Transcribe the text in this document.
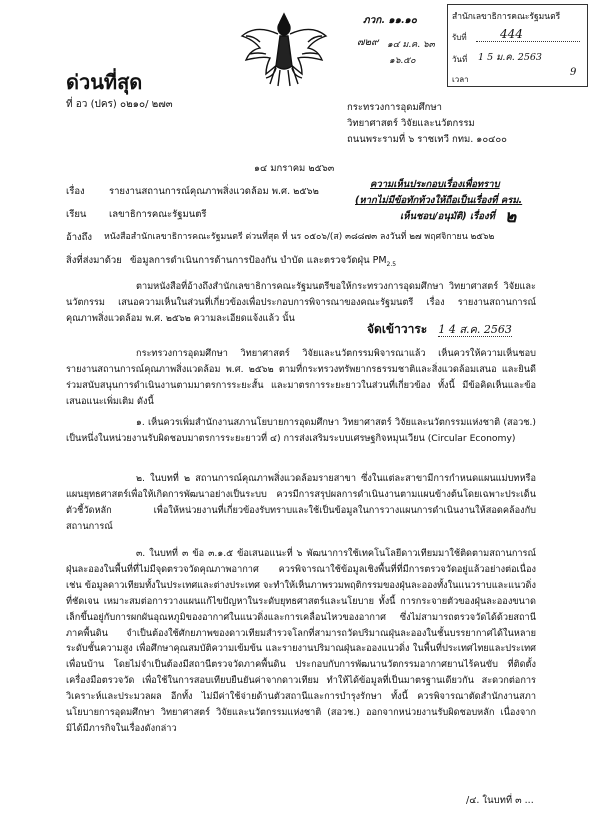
ภวก. ๑๑.๑๐
๗๒๙ ๑๔ ม.ค. ๖๓
๑๖.๕๐
สำนักเลขาธิการคณะรัฐมนตรี
รับที่	444
วันที่ 1 5 ม.ค. 2563
เวลา
9
ด่วนที่สุด
ที่ อว (ปคร) ๐๒๑๐/ ๒๗๓	กระทรวงการอุดมศึกษา
วิทยาศาสตร์ วิจัยและนวัตกรรม
ถนนพระรามที่ ๖ ราชเทวี กทม. ๑๐๔๐๐
๑๔ มกราคม ๒๕๖๓
ความเห็นประกอบเรื่องเพื่อทราบ
(หากไม่มีข้อทักท้วงให้ถือเป็นเรื่องที่ ครม.
เห็นชอบ/อนุมัติ) เรื่องที่ ๒
เรื่อง	รายงานสถานการณ์คุณภาพสิ่งแวดล้อม พ.ศ. ๒๕๖๒
เรียน เลขาธิการคณะรัฐมนตรี
อ้างถึง หนังสือสำนักเลขาธิการคณะรัฐมนตรี ด่วนที่สุด ที่ นร ๐๕๐๖/(ส) ๓๘๘๗๓ ลงวันที่ ๒๗ พฤศจิกายน ๒๕๖๒
สิ่งที่ส่งมาด้วย ข้อมูลการดำเนินการด้านการป้องกัน บำบัด และตรวจวัดฝุ่น $PM_{2.5}$
ตามหนังสือที่อ้างถึงสำนักเลขาธิการคณะรัฐมนตรีขอให้กระทรวงการอุดมศึกษา วิทยาศาสตร์ วิจัยและนวัตกรรม เสนอความเห็นในส่วนที่เกี่ยวข้องเพื่อประกอบการพิจารณาของคณะรัฐมนตรี เรื่อง รายงานสถานการณ์คุณภาพสิ่งแวดล้อม พ.ศ. ๒๕๖๒ ความละเอียดแจ้งแล้ว นั้น
จัดเข้าวาระ 1 4 ส.ค. 2563
กระทรวงการอุดมศึกษา วิทยาศาสตร์ วิจัยและนวัตกรรมพิจารณาแล้ว เห็นควรให้ความเห็นชอบรายงานสถานการณ์คุณภาพสิ่งแวดล้อม พ.ศ. ๒๕๖๒ ตามที่กระทรวงทรัพยากรธรรมชาติและสิ่งแวดล้อมเสนอ และยินดีร่วมสนับสนุนการดำเนินงานตามมาตรการระยะสั้น และมาตรการระยะยาวในส่วนที่เกี่ยวข้อง ทั้งนี้ มีข้อคิดเห็นและข้อเสนอแนะเพิ่มเติม ดังนี้
๑. เห็นควรเพิ่มสำนักงานสภานโยบายการอุดมศึกษา วิทยาศาสตร์ วิจัยและนวัตกรรมแห่งชาติ (สอวช.) เป็นหนึ่งในหน่วยงานรับผิดชอบมาตรการระยะยาวที่ ๔) การส่งเสริมระบบเศรษฐกิจหมุนเวียน (Circular Economy)
๒. ในบทที่ ๒ สถานการณ์คุณภาพสิ่งแวดล้อมรายสาขา ซึ่งในแต่ละสาขามีการกำหนดแผนแม่บทหรือแผนยุทธศาสตร์เพื่อให้เกิดการพัฒนาอย่างเป็นระบบ ควรมีการสรุปผลการดำเนินงานตามแผนข้างต้นโดยเฉพาะประเด็นตัวชี้วัดหลัก เพื่อให้หน่วยงานที่เกี่ยวข้องรับทราบและใช้เป็นข้อมูลในการวางแผนการดำเนินงานให้สอดคล้องกับสถานการณ์
๓. ในบทที่ ๓ ข้อ ๓.๑.๕ ข้อเสนอแนะที่ ๖ พัฒนาการใช้เทคโนโลยีดาวเทียมมาใช้ติดตามสถานการณ์ฝุ่นละอองในพื้นที่ที่ไม่มีจุดตรวจวัดคุณภาพอากาศ ควรพิจารณาใช้ข้อมูลเชิงพื้นที่ที่มีการตรวจวัดอยู่แล้วอย่างต่อเนื่อง เช่น ข้อมูลดาวเทียมทั้งในประเทศและต่างประเทศ จะทำให้เห็นภาพรวมพฤติกรรมของฝุ่นละอองทั้งในแนวราบและแนวดิ่งที่ชัดเจน เหมาะสมต่อการวางแผนแก้ไขปัญหาในระดับยุทธศาสตร์และนโยบาย ทั้งนี้ การกระจายตัวของฝุ่นละอองขนาดเล็กขึ้นอยู่กับการผกผันอุณหภูมิของอากาศในแนวดิ่งและการเคลื่อนไหวของอากาศ ซึ่งไม่สามารถตรวจวัดได้ด้วยสถานีภาคพื้นดิน จำเป็นต้องใช้ศักยภาพของดาวเทียมสำรวจโลกที่สามารถวัดปริมาณฝุ่นละอองในชั้นบรรยากาศได้ในหลายระดับชั้นความสูง เพื่อศึกษาคุณสมบัติความเข้มข้น และรายงานปริมาณฝุ่นละอองแนวดิ่ง ในพื้นที่ประเทศไทยและประเทศเพื่อนบ้าน โดยไม่จำเป็นต้องมีสถานีตรวจวัดภาคพื้นดิน ประกอบกับการพัฒนานวัตกรรมอากาศยานไร้คนขับ ที่ติดตั้งเครื่องมือตรวจวัด เพื่อใช้ในการสอบเทียบยืนยันค่าจากดาวเทียม ทำให้ได้ข้อมูลที่เป็นมาตรฐานเดียวกัน สะดวกต่อการวิเคราะห์และประมวลผล อีกทั้ง ไม่มีค่าใช้จ่ายด้านตัวสถานีและการบำรุงรักษา ทั้งนี้ ควรพิจารณาตัดสำนักงานสภานโยบายการอุดมศึกษา วิทยาศาสตร์ วิจัยและนวัตกรรมแห่งชาติ (สอวช.) ออกจากหน่วยงานรับผิดชอบหลัก เนื่องจากมิได้มีภารกิจในเรื่องดังกล่าว
/๔. ในบทที่ ๓ ...
